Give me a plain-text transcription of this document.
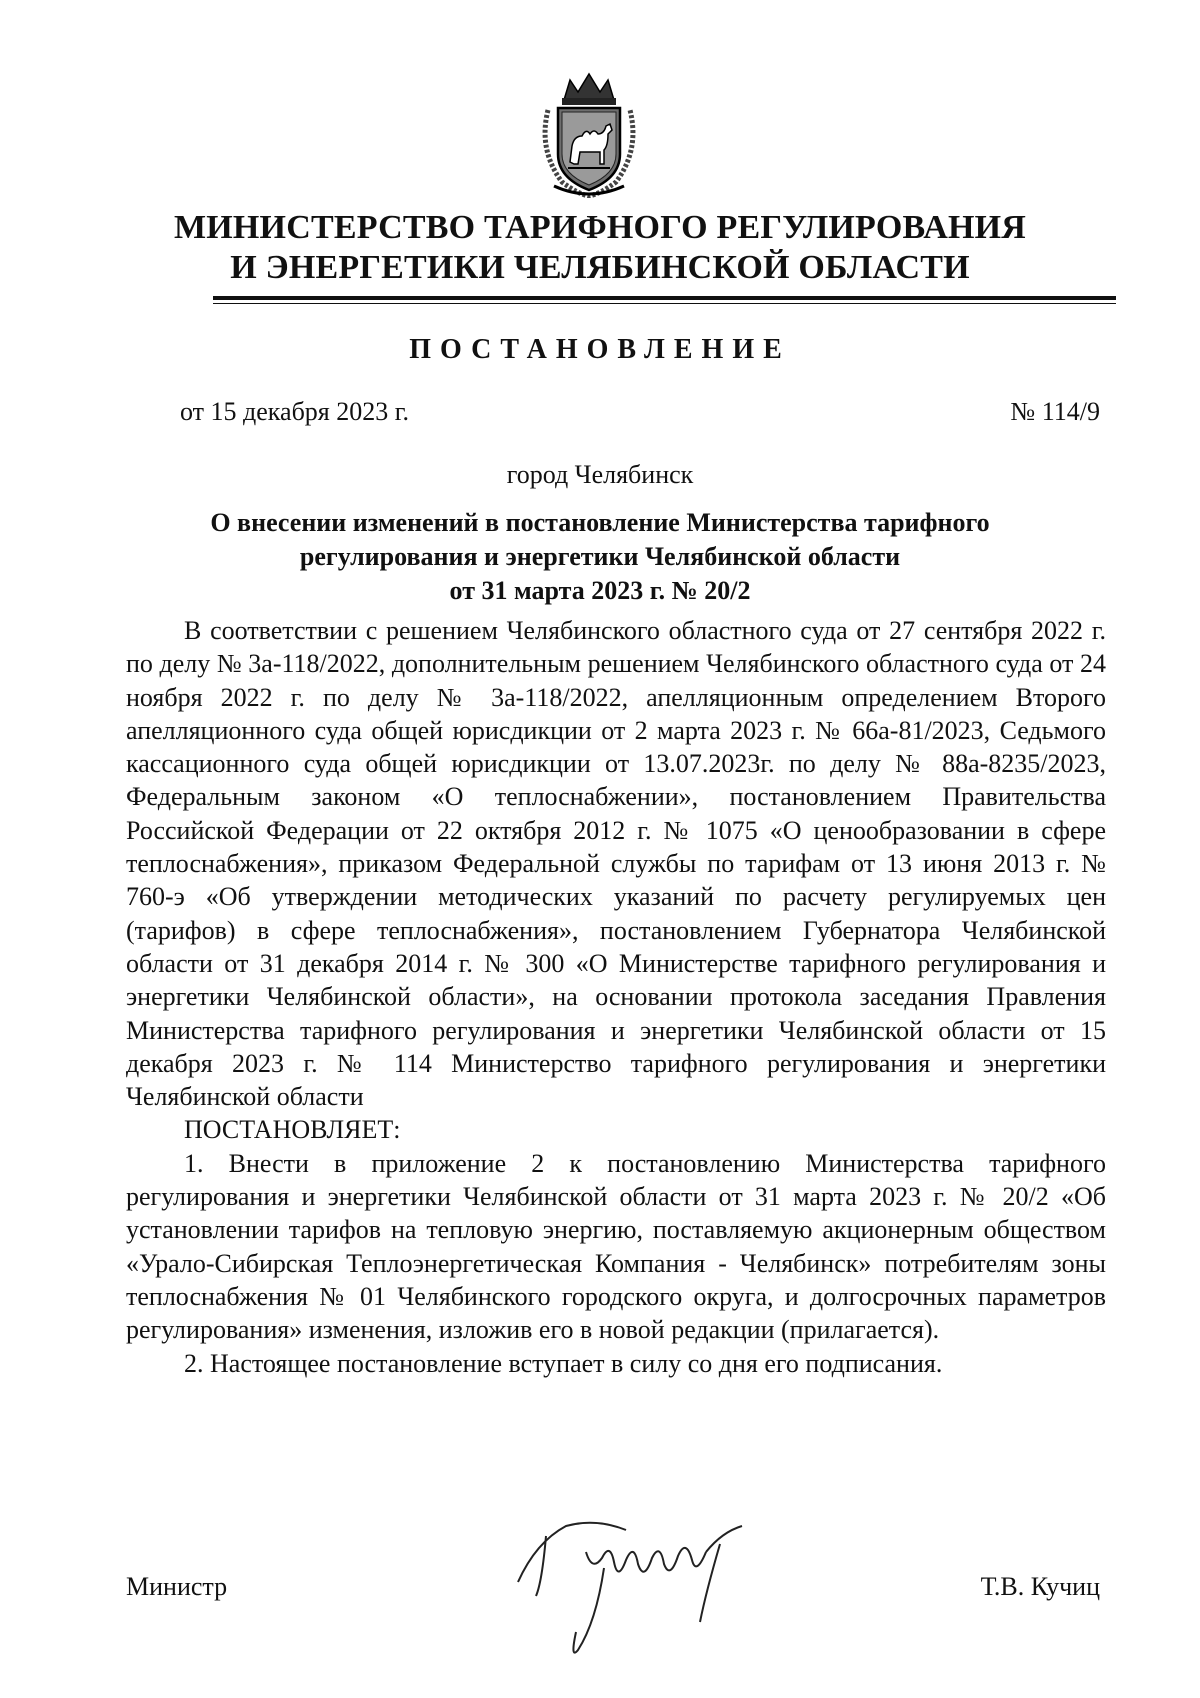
МИНИСТЕРСТВО ТАРИФНОГО РЕГУЛИРОВАНИЯ
И ЭНЕРГЕТИКИ ЧЕЛЯБИНСКОЙ ОБЛАСТИ
ПОСТАНОВЛЕНИЕ
от 15 декабря 2023 г.	№ 114/9
город Челябинск
О внесении изменений в постановление Министерства тарифного
регулирования и энергетики Челябинской области
от 31 марта 2023 г. № 20/2

В соответствии с решением Челябинского областного суда от 27 сентября 2022 г. по делу № 3а-118/2022, дополнительным решением Челябинского областного суда от 24 ноября 2022 г. по делу № 3а-118/2022, апелляционным определением Второго апелляционного суда общей юрисдикции от 2 марта 2023 г. № 66а-81/2023, Седьмого кассационного суда общей юрисдикции от 13.07.2023г. по делу № 88а-8235/2023, Федеральным законом «О теплоснабжении», постановлением Правительства Российской Федерации от 22 октября 2012 г. № 1075 «О ценообразовании в сфере теплоснабжения», приказом Федеральной службы по тарифам от 13 июня 2013 г. № 760-э «Об утверждении методических указаний по расчету регулируемых цен (тарифов) в сфере теплоснабжения», постановлением Губернатора Челябинской области от 31 декабря 2014 г. № 300 «О Министерстве тарифного регулирования и энергетики Челябинской области», на основании протокола заседания Правления Министерства тарифного регулирования и энергетики Челябинской области от 15 декабря 2023 г. № 114 Министерство тарифного регулирования и энергетики Челябинской области

ПОСТАНОВЛЯЕТ:

1. Внести в приложение 2 к постановлению Министерства тарифного регулирования и энергетики Челябинской области от 31 марта 2023 г. № 20/2 «Об установлении тарифов на тепловую энергию, поставляемую акционерным обществом «Урало-Сибирская Теплоэнергетическая Компания - Челябинск» потребителям зоны теплоснабжения № 01 Челябинского городского округа, и долгосрочных параметров регулирования» изменения, изложив его в новой редакции (прилагается).

2. Настоящее постановление вступает в силу со дня его подписания.

Министр	Т.В. Кучиц
